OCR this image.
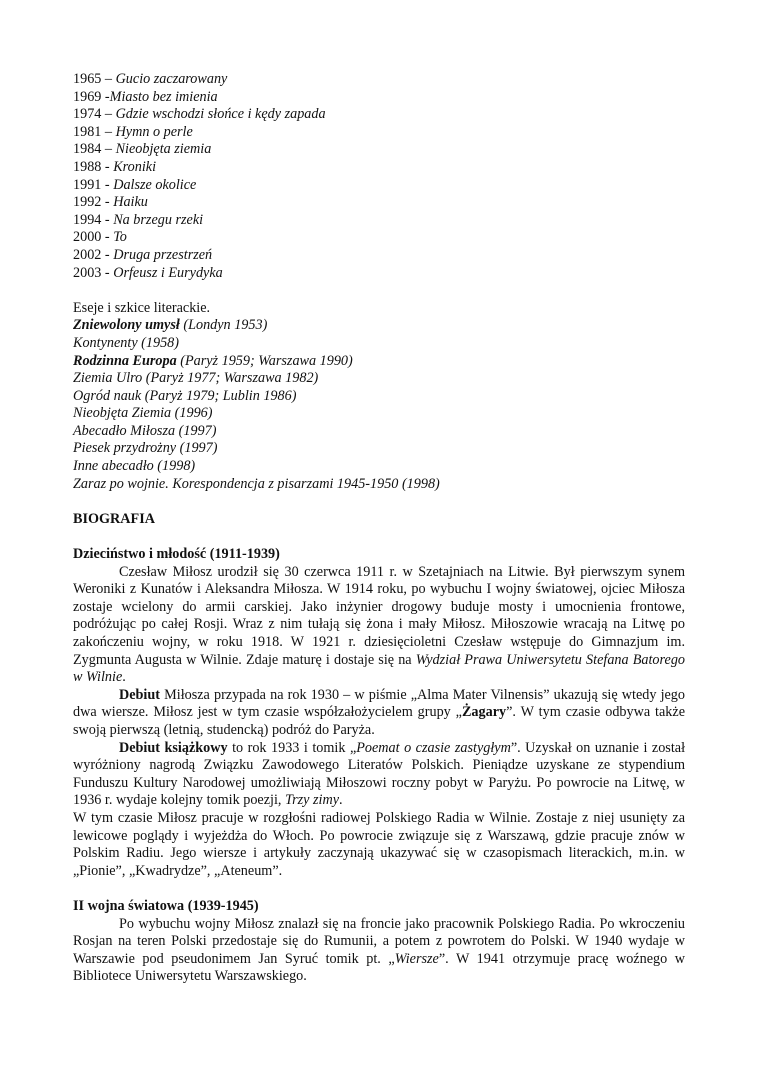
1965 – Gucio zaczarowany
1969 -Miasto bez imienia
1974 – Gdzie wschodzi słońce i kędy zapada
1981 – Hymn o perle
1984 – Nieobjęta ziemia
1988 - Kroniki
1991 - Dalsze okolice
1992 - Haiku
1994 - Na brzegu rzeki
2000 - To
2002 - Druga przestrzeń
2003 - Orfeusz i Eurydyka
Eseje i szkice literackie.
Zniewolony umysł (Londyn 1953)
Kontynenty (1958)
Rodzinna Europa (Paryż 1959; Warszawa 1990)
Ziemia Ulro (Paryż 1977; Warszawa 1982)
Ogród nauk (Paryż 1979; Lublin 1986)
Nieobjęta Ziemia (1996)
Abecadło Miłosza (1997)
Piesek przydrożny (1997)
Inne abecadło (1998)
Zaraz po wojnie. Korespondencja z pisarzami 1945-1950 (1998)
BIOGRAFIA
Dzieciństwo i młodość (1911-1939)

Czesław Miłosz urodził się 30 czerwca 1911 r. w Szetajniach na Litwie. Był pierwszym synem Weroniki z Kunatów i Aleksandra Miłosza. W 1914 roku, po wybuchu I wojny światowej, ojciec Miłosza zostaje wcielony do armii carskiej. Jako inżynier drogowy buduje mosty i umocnienia frontowe, podróżując po całej Rosji. Wraz z nim tułają się żona i mały Miłosz. Miłoszowie wracają na Litwę po zakończeniu wojny, w roku 1918. W 1921 r. dziesięcioletni Czesław wstępuje do Gimnazjum im. Zygmunta Augusta w Wilnie. Zdaje maturę i dostaje się na Wydział Prawa Uniwersytetu Stefana Batorego w Wilnie.

Debiut Miłosza przypada na rok 1930 – w piśmie „Alma Mater Vilnensis” ukazują się wtedy jego dwa wiersze. Miłosz jest w tym czasie współzałożycielem grupy „Żagary”. W tym czasie odbywa także swoją pierwszą (letnią, studencką) podróż do Paryża.

Debiut książkowy to rok 1933 i tomik „Poemat o czasie zastygłym”. Uzyskał on uznanie i został wyróżniony nagrodą Związku Zawodowego Literatów Polskich. Pieniądze uzyskane ze stypendium Funduszu Kultury Narodowej umożliwiają Miłoszowi roczny pobyt w Paryżu. Po powrocie na Litwę, w 1936 r. wydaje kolejny tomik poezji, Trzy zimy.

W tym czasie Miłosz pracuje w rozgłośni radiowej Polskiego Radia w Wilnie. Zostaje z niej usunięty za lewicowe poglądy i wyjeżdża do Włoch. Po powrocie związuje się z Warszawą, gdzie pracuje znów w Polskim Radiu. Jego wiersze i artykuły zaczynają ukazywać się w czasopismach literackich, m.in. w „Pionie”, „Kwadrydze”, „Ateneum”.

II wojna światowa (1939-1945)

Po wybuchu wojny Miłosz znalazł się na froncie jako pracownik Polskiego Radia. Po wkroczeniu Rosjan na teren Polski przedostaje się do Rumunii, a potem z powrotem do Polski. W 1940 wydaje w Warszawie pod pseudonimem Jan Syruć tomik pt. „Wiersze”. W 1941 otrzymuje pracę woźnego w Bibliotece Uniwersytetu Warszawskiego.
